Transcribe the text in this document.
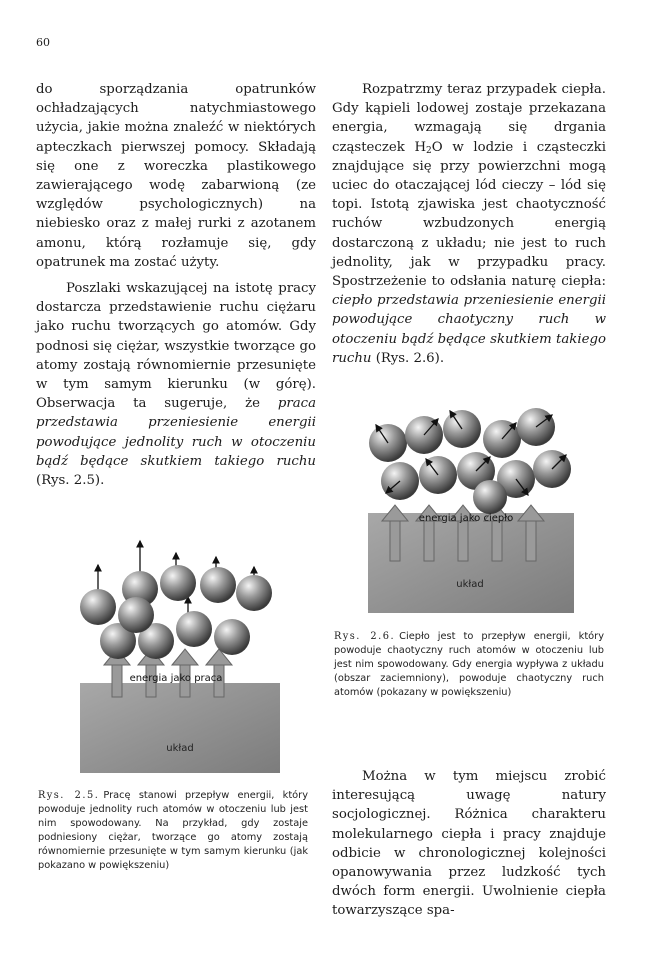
60

do sporządzania opatrunków ochładzających natychmiastowego użycia, jakie można znaleźć w niektórych apteczkach pierwszej pomocy. Składają się one z woreczka plastikowego zawierającego wodę zabarwioną (ze względów psychologicznych) na niebiesko oraz z małej rurki z azotanem amonu, którą rozłamuje się, gdy opatrunek ma zostać użyty.

Poszlaki wskazującej na istotę pracy dostarcza przedstawienie ruchu ciężaru jako ruchu tworzących go atomów. Gdy podnosi się ciężar, wszystkie tworzące go atomy zostają równomiernie przesunięte w tym samym kierunku (w górę). Obserwacja ta sugeruje, że praca przedstawia przeniesienie energii powodujące jednolity ruch w otoczeniu bądź będące skutkiem takiego ruchu (Rys. 2.5).

Rozpatrzmy teraz przypadek ciepła. Gdy kąpieli lodowej zostaje przekazana energia, wzmagają się drgania cząsteczek $H_2O$ w lodzie i cząsteczki znajdujące się przy powierzchni mogą uciec do otaczającej lód cieczy – lód się topi. Istotą zjawiska jest chaotyczność ruchów wzbudzonych energią dostarczoną z układu; nie jest to ruch jednolity, jak w przypadku pracy. Spostrzeżenie to odsłania naturę ciepła: ciepło przedstawia przeniesienie energii powodujące chaotyczny ruch w otoczeniu bądź będące skutkiem takiego ruchu (Rys. 2.6).

energia jako ciepło
układ
Rys. 2.6. Ciepło jest to przepływ energii, który powoduje chaotyczny ruch atomów w otoczeniu lub jest nim spowodowany. Gdy energia wypływa z układu (obszar zaciemniony), powoduje chaotyczny ruch atomów (pokazany w powiększeniu)
energia jako praca
układ
Rys. 2.5. Pracę stanowi przepływ energii, który powoduje jednolity ruch atomów w otoczeniu lub jest nim spowodowany. Na przykład, gdy zostaje podniesiony ciężar, tworzące go atomy zostają równomiernie przesunięte w tym samym kierunku (jak pokazano w powiększeniu)

Można w tym miejscu zrobić interesującą uwagę natury socjologicznej. Różnica charakteru molekularnego ciepła i pracy znajduje odbicie w chronologicznej kolejności opanowywania przez ludzkość tych dwóch form energii. Uwolnienie ciepła towarzyszące spa-
